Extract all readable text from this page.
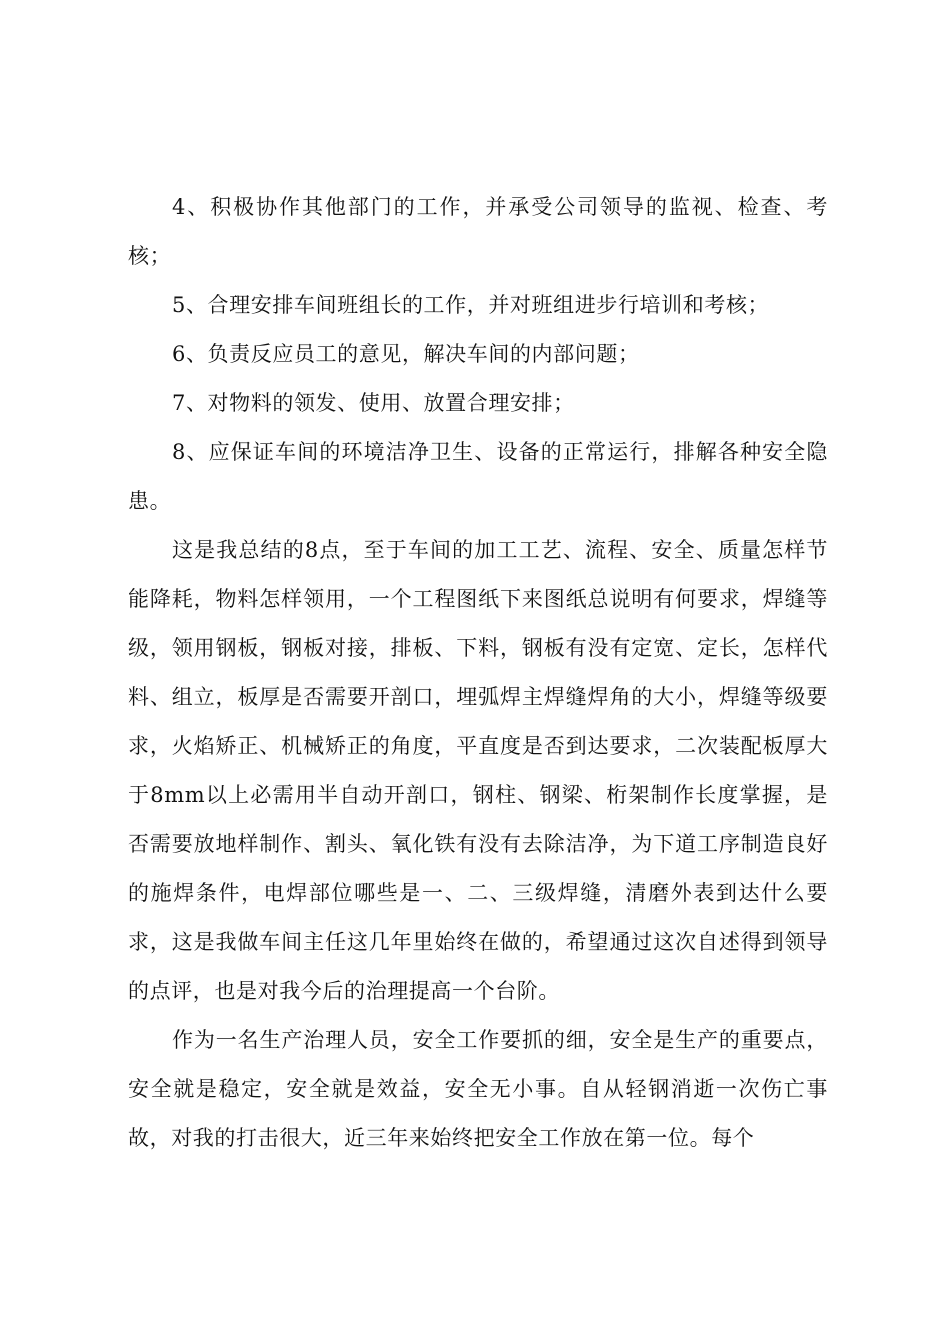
4、积极协作其他部门的工作，并承受公司领导的监视、检查、考核；

5、合理安排车间班组长的工作，并对班组进步行培训和考核；

6、负责反应员工的意见，解决车间的内部问题；

7、对物料的领发、使用、放置合理安排；

8、应保证车间的环境洁净卫生、设备的正常运行，排解各种安全隐患。

这是我总结的8点，至于车间的加工工艺、流程、安全、质量怎样节能降耗，物料怎样领用，一个工程图纸下来图纸总说明有何要求，焊缝等级，领用钢板，钢板对接，排板、下料，钢板有没有定宽、定长，怎样代料、组立，板厚是否需要开剖口，埋弧焊主焊缝焊角的大小，焊缝等级要求，火焰矫正、机械矫正的角度，平直度是否到达要求，二次装配板厚大于8mm以上必需用半自动开剖口，钢柱、钢梁、桁架制作长度掌握，是否需要放地样制作、割头、氧化铁有没有去除洁净，为下道工序制造良好的施焊条件，电焊部位哪些是一、二、三级焊缝，清磨外表到达什么要求，这是我做车间主任这几年里始终在做的，希望通过这次自述得到领导的点评，也是对我今后的治理提高一个台阶。

作为一名生产治理人员，安全工作要抓的细，安全是生产的重要点，安全就是稳定，安全就是效益，安全无小事。自从轻钢消逝一次伤亡事故，对我的打击很大，近三年来始终把安全工作放在第一位。每个
